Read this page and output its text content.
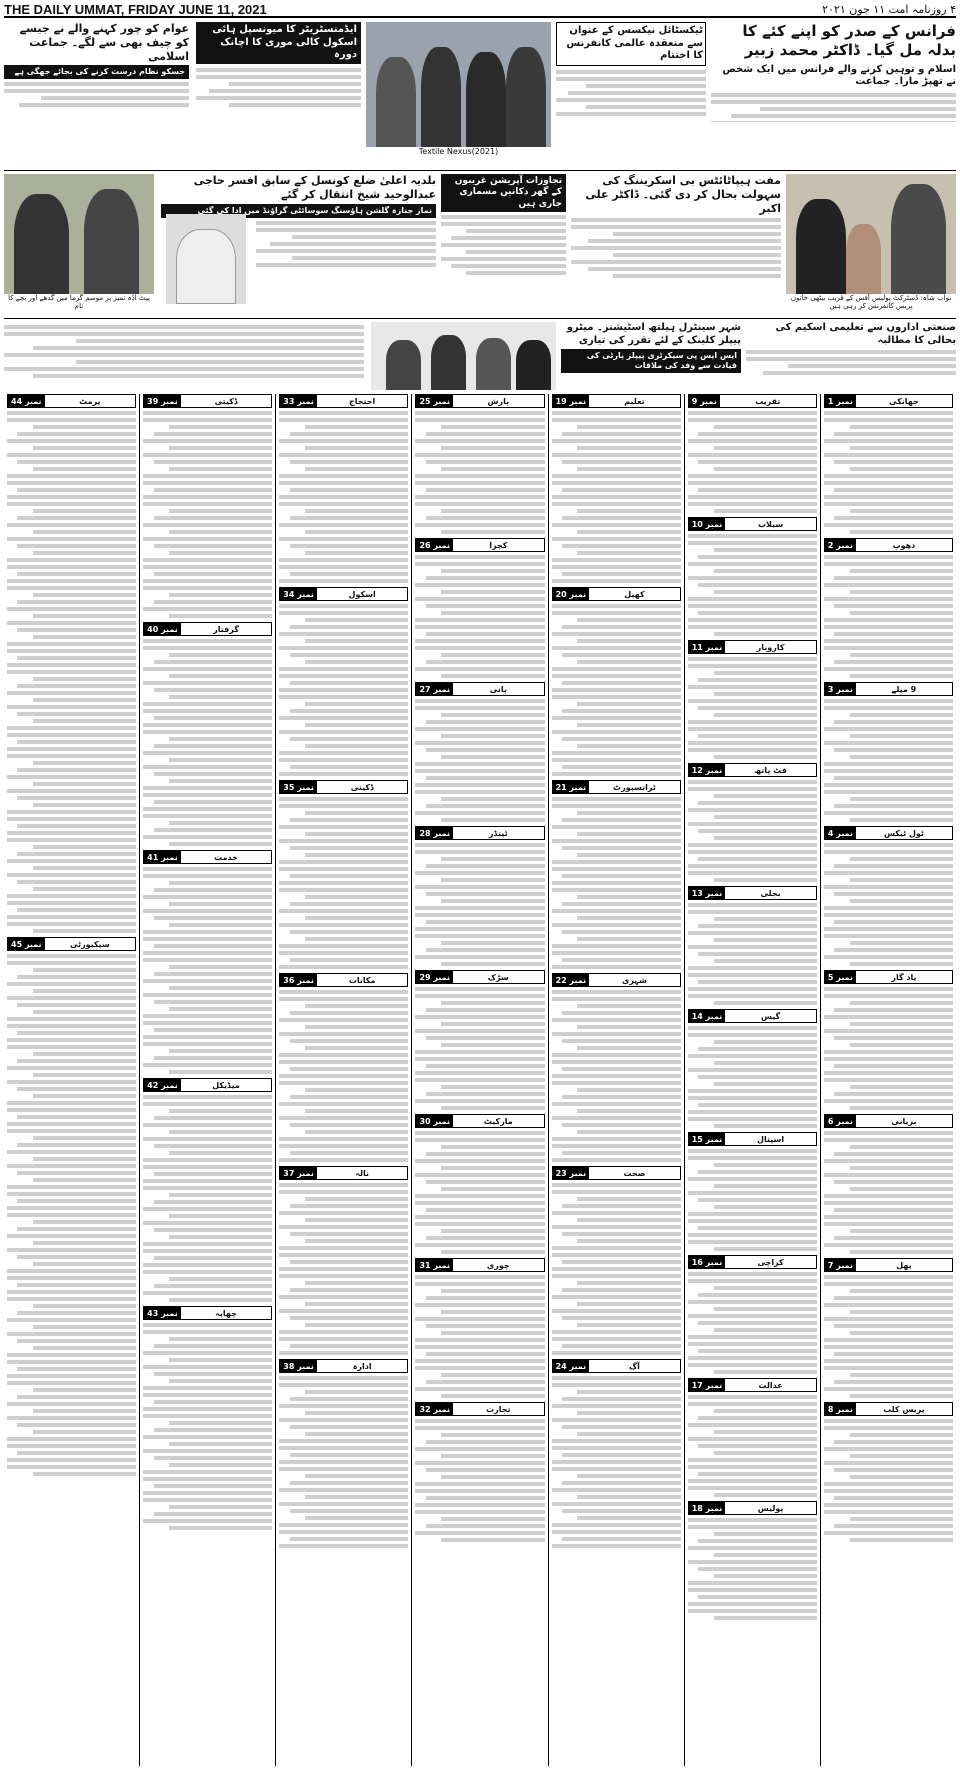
THE DAILY UMMAT, FRIDAY JUNE 11, 2021	۴ روزنامہ امت ۱۱ جون ۲۰۲۱
فرانس کے صدر کو اپنے کئے کا بدلہ مل گیا۔ ڈاکٹر محمد زبیر
اسلام و توہین کرنے والے فرانس میں ایک شخص نے تھپڑ مارا۔ جماعت
ٹیکسٹائل نیکسس کے عنوان سے منعقدہ عالمی کانفرنس کا اختتام
Textile Nexus(2021)
ایڈمنسٹریٹر کا میونسپل ہائی اسکول کالی موری کا اچانک دورہ
عوام کو چور کہنے والے نے جیسے کو چیف بھی سے لگے۔ جماعت اسلامی
جسکو نظام درست کرنے کی بجائے جھگی ہے
نواب شاہ: ڈسٹرکٹ پولیس آفس کے قریب بیٹھی خاتون پریس کانفرنس کر رہی ہیں
مفت ہیپاٹائٹس بی اسکریننگ کی سہولت بحال کر دی گئی۔ ڈاکٹر علی اکبر
تجاوزات آپریشن غریبوں کے گھر دکانیں مسماری جاری ہیں
بلدیہ اعلیٰ ضلع کونسل کے سابق افسر حاجی عبدالوحید شیخ انتقال کر گئے
نماز جنازہ گلشن ہاؤسنگ سوسائٹی گراؤنڈ میں ادا کی گئی
پیٹ اڈہ تمیز پر موسم گرما میں گدھے اور بچے کا نام
صنعتی اداروں سے تعلیمی اسکیم کی بحالی کا مطالبہ
شہر سینٹرل ہیلتھ اسٹیشنز۔ میٹرو پیپلز کلینک کے لئے تقرر کی تیاری
ایس ایس پی سیکرٹری پیپلز پارٹی کی قیادت سے وفد کی ملاقات
نمبر 1	جھانکی
نمبر 2	دھوپ
نمبر 3	9 میلے
نمبر 4	ٹول ٹیکس
نمبر 5	یاد گار
نمبر 6	بریانی
نمبر 7	پھل
نمبر 8	پریس کلب
نمبر 9	تقریب
نمبر 10	سیلاب
نمبر 11	کاروبار
نمبر 12	فٹ پاتھ
نمبر 13	بجلی
نمبر 14	گیس
نمبر 15	اسپتال
نمبر 16	کراچی
نمبر 17	عدالت
نمبر 18	پولیس
نمبر 19	تعلیم
نمبر 20	کھیل
نمبر 21	ٹرانسپورٹ
نمبر 22	شہری
نمبر 23	صحت
نمبر 24	آگ
نمبر 25	بارش
نمبر 26	کچرا
نمبر 27	پانی
نمبر 28	ٹینڈر
نمبر 29	سڑک
نمبر 30	مارکیٹ
نمبر 31	چوری
نمبر 32	تجارت
نمبر 33	احتجاج
نمبر 34	اسکول
نمبر 35	ڈکیتی
نمبر 36	مکانات
نمبر 37	نالہ
نمبر 38	ادارہ
نمبر 39	ڈکیتی
نمبر 40	گرفتار
نمبر 41	خدمت
نمبر 42	میڈیکل
نمبر 43	چھاپہ
نمبر 44	پرمٹ
نمبر 45	سیکیورٹی
